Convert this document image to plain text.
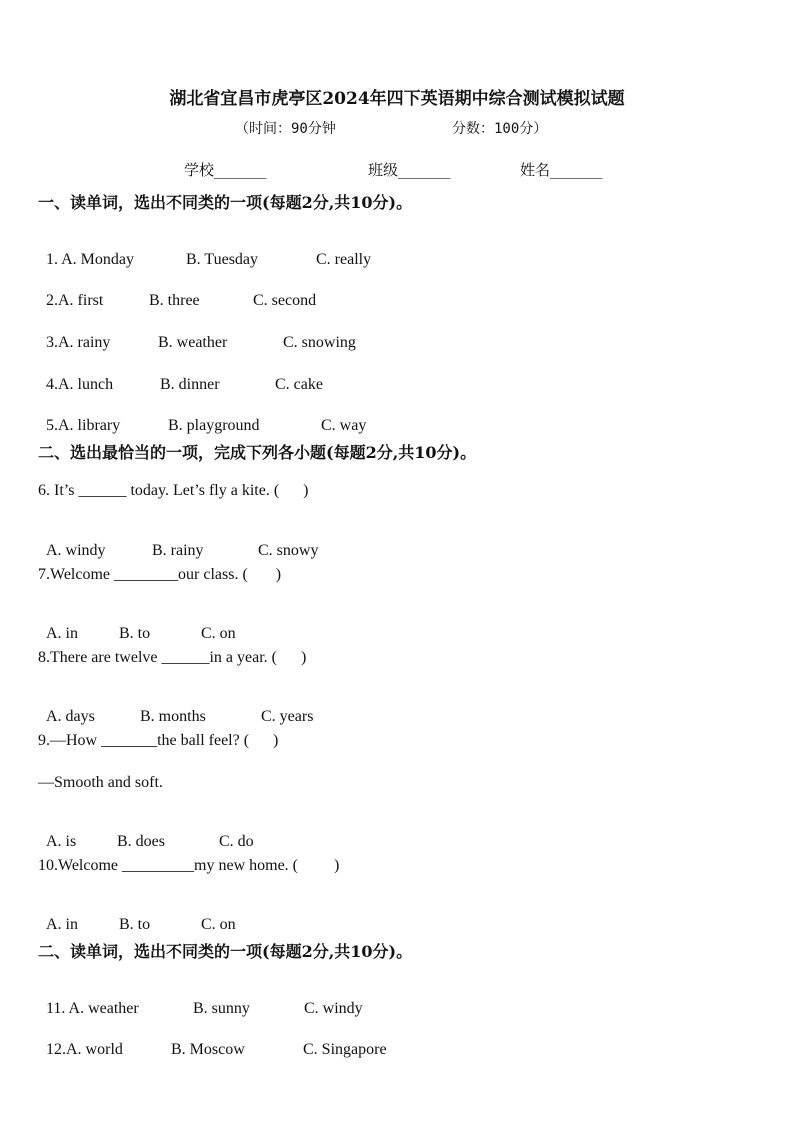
湖北省宜昌市虎亭区2024年四下英语期中综合测试模拟试题
（时间：90分钟	分数：100分）
学校_______	班级_______	姓名_______
一、读单词，选出不同类的一项(每题2分,共10分)。

1. A. Monday	B. Tuesday	C. really

2.A. first	B. three	C. second

3.A. rainy	B. weather	C. snowing

4.A. lunch	B. dinner	C. cake

5.A. library	B. playground	C. way

二、选出最恰当的一项，完成下列各小题(每题2分,共10分)。
6. It’s ______ today. Let’s fly a kite. (      )

A. windy	B. rainy	C. snowy

7.Welcome ________our class. (       )

A. in	B. to	C. on

8.There are twelve ______in a year. (      )

A. days	B. months	C. years

9.—How _______the ball feel? (      )
—Smooth and soft.

A. is	B. does	C. do

10.Welcome _________my new home. (         )

A. in	B. to	C. on

二、读单词，选出不同类的一项(每题2分,共10分)。

11. A. weather	B. sunny	C. windy

12.A. world	B. Moscow	C. Singapore
